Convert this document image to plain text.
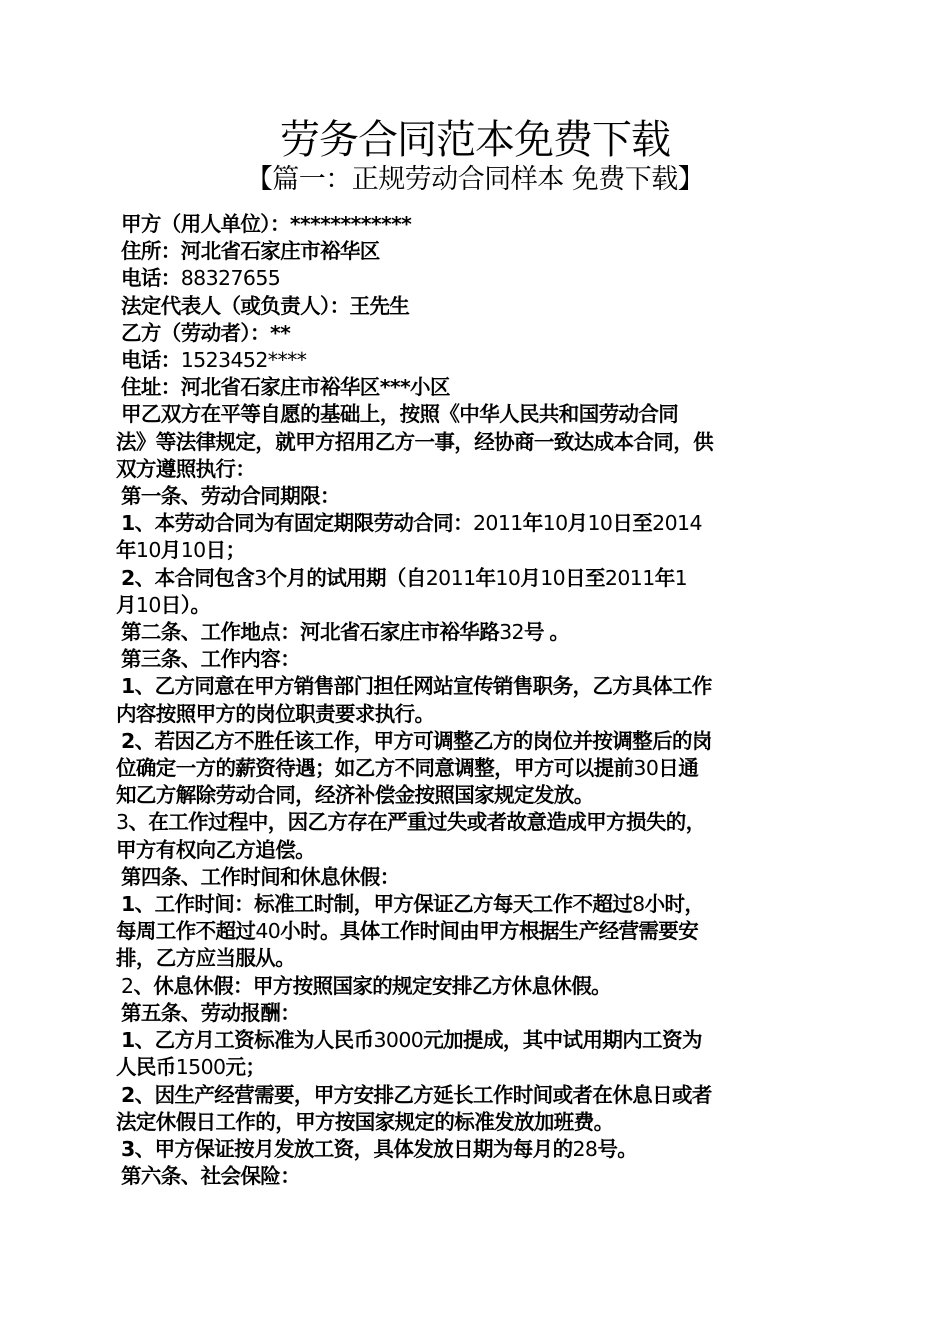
劳务合同范本免费下载
【篇一：正规劳动合同样本 免费下载】
甲方（用人单位）：************
住所：河北省石家庄市裕华区
电话：88327655
法定代表人（或负责人）：王先生
乙方（劳动者）：**
电话：1523452****
住址：河北省石家庄市裕华区***小区
甲乙双方在平等自愿的基础上，按照《中华人民共和国劳动合同
法》等法律规定，就甲方招用乙方一事，经协商一致达成本合同，供
双方遵照执行：
第一条、劳动合同期限：
1、本劳动合同为有固定期限劳动合同：2011年10月10日至2014
年10月10日；
2、本合同包含3个月的试用期（自2011年10月10日至2011年1
月10日）。
第二条、工作地点：河北省石家庄市裕华路32号 。
第三条、工作内容：
1、乙方同意在甲方销售部门担任网站宣传销售职务，乙方具体工作
内容按照甲方的岗位职责要求执行。
2、若因乙方不胜任该工作，甲方可调整乙方的岗位并按调整后的岗
位确定一方的薪资待遇；如乙方不同意调整，甲方可以提前30日通
知乙方解除劳动合同，经济补偿金按照国家规定发放。
3、在工作过程中，因乙方存在严重过失或者故意造成甲方损失的，
甲方有权向乙方追偿。
第四条、工作时间和休息休假：
1、工作时间：标准工时制，甲方保证乙方每天工作不超过8小时，
每周工作不超过40小时。具体工作时间由甲方根据生产经营需要安
排，乙方应当服从。
2、休息休假：甲方按照国家的规定安排乙方休息休假。
第五条、劳动报酬：
1、乙方月工资标准为人民币3000元加提成，其中试用期内工资为
人民币1500元；
2、因生产经营需要，甲方安排乙方延长工作时间或者在休息日或者
法定休假日工作的，甲方按国家规定的标准发放加班费。
3、甲方保证按月发放工资，具体发放日期为每月的28号。
第六条、社会保险：
